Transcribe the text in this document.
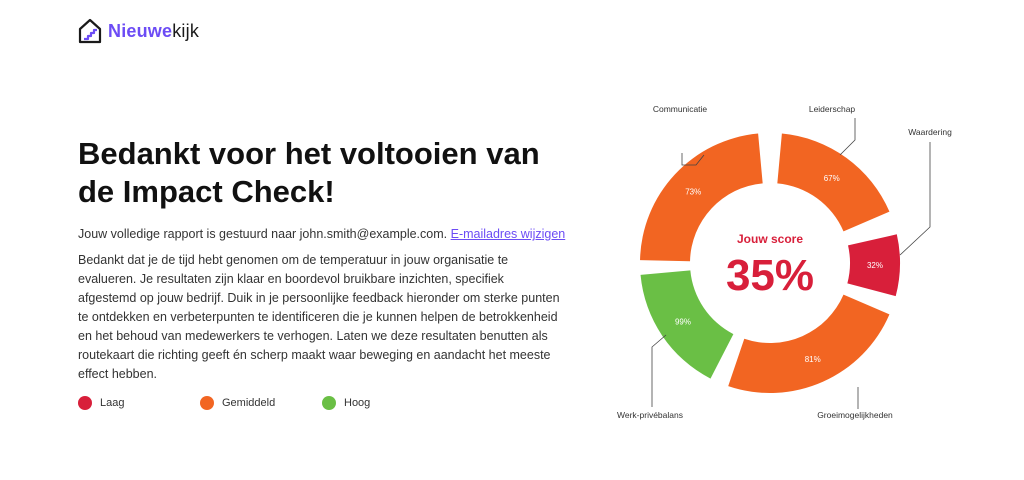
Nieuwekijk
Bedankt voor het voltooien van de Impact Check!
Jouw volledige rapport is gestuurd naar john.smith@example.com. E-mailadres wijzigen
Bedankt dat je de tijd hebt genomen om de temperatuur in jouw organisatie te evalueren. Je resultaten zijn klaar en boordevol bruikbare inzichten, specifiek afgestemd op jouw bedrijf. Duik in je persoonlijke feedback hieronder om sterke punten te ontdekken en verbeterpunten te identificeren die je kunnen helpen de betrokkenheid en het behoud van medewerkers te verhogen. Laten we deze resultaten benutten als routekaart die richting geeft én scherp maakt waar beweging en aandacht het meeste effect hebben.
Laag	Gemiddeld	Hoog
Jouw score
35%
73%
Communicatie
67%
Leiderschap
32%
Waardering
81%
Groeimogelijkheden
99%
Werk-privébalans
